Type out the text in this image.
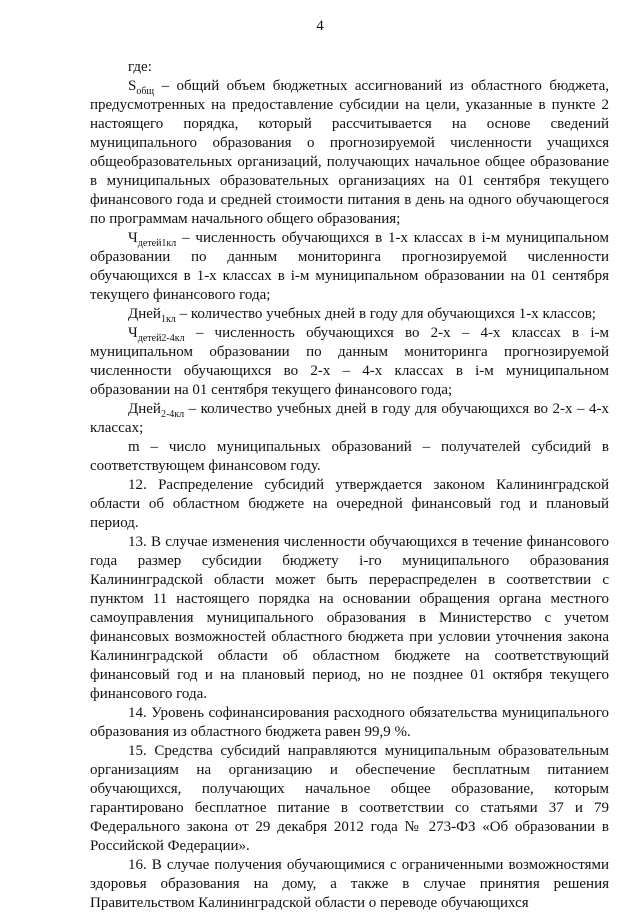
4

где:

$S_{общ}$ – общий объем бюджетных ассигнований из областного бюджета, предусмотренных на предоставление субсидии на цели, указанные в пункте 2 настоящего порядка, который рассчитывается на основе сведений муниципального образования о прогнозируемой численности учащихся общеобразовательных организаций, получающих начальное общее образование в муниципальных образовательных организациях на 01 сентября текущего финансового года и средней стоимости питания в день на одного обучающегося по программам начального общего образования;

$Ч_{детей1кл}$ – численность обучающихся в 1-х классах в i-м муниципальном образовании по данным мониторинга прогнозируемой численности обучающихся в 1-х классах в i-м муниципальном образовании на 01 сентября текущего финансового года;

Дней$_{1кл}$ – количество учебных дней в году для обучающихся 1-х классов;

$Ч_{детей2-4кл}$ – численность обучающихся во 2-х – 4-х классах в i-м муниципальном образовании по данным мониторинга прогнозируемой численности обучающихся во 2-х – 4-х классах в i-м муниципальном образовании на 01 сентября текущего финансового года;

Дней$_{2-4кл}$ – количество учебных дней в году для обучающихся во 2-х – 4-х классах;

m – число муниципальных образований – получателей субсидий в соответствующем финансовом году.

12. Распределение субсидий утверждается законом Калининградской области об областном бюджете на очередной финансовый год и плановый период.

13. В случае изменения численности обучающихся в течение финансового года размер субсидии бюджету i-го муниципального образования Калининградской области может быть перераспределен в соответствии с пунктом 11 настоящего порядка на основании обращения органа местного самоуправления муниципального образования в Министерство с учетом финансовых возможностей областного бюджета при условии уточнения закона Калининградской области об областном бюджете на соответствующий финансовый год и на плановый период, но не позднее 01 октября текущего финансового года.

14. Уровень софинансирования расходного обязательства муниципального образования из областного бюджета равен 99,9 %.

15. Средства субсидий направляются муниципальным образовательным организациям на организацию и обеспечение бесплатным питанием обучающихся, получающих начальное общее образование, которым гарантировано бесплатное питание в соответствии со статьями 37 и 79 Федерального закона от 29 декабря 2012 года № 273-ФЗ «Об образовании в Российской Федерации».

16. В случае получения обучающимися с ограниченными возможностями здоровья образования на дому, а также в случае принятия решения Правительством Калининградской области о переводе обучающихся
